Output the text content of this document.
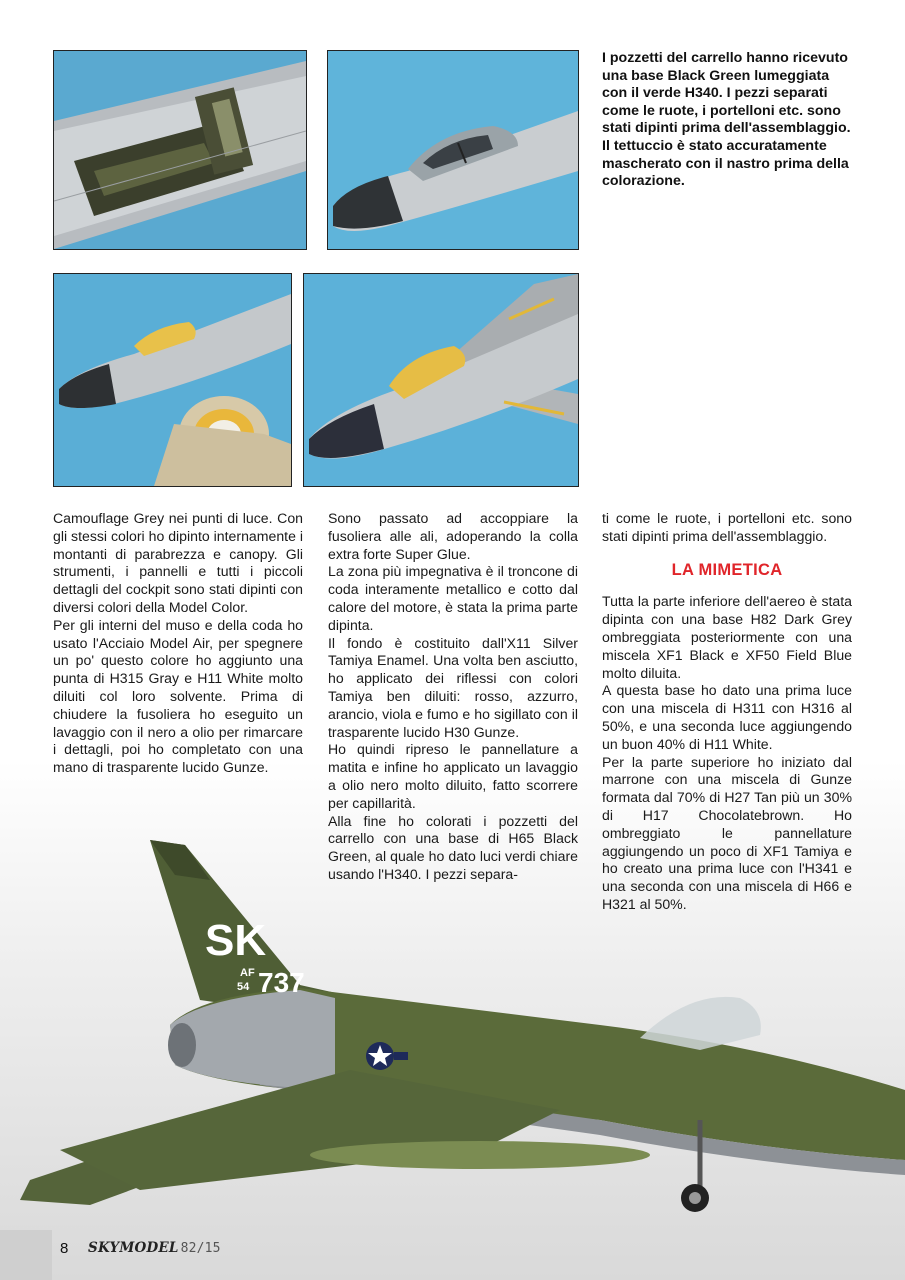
I pozzetti del carrello hanno ricevuto una base Black Green lumeggiata con il verde H340. I pezzi separati come le ruote, i portelloni etc. sono stati dipinti prima dell'assemblaggio.

Il tettuccio è stato accuratamente mascherato con il nastro prima della colorazione.

Camouflage Grey nei punti di luce. Con gli stessi colori ho dipinto internamente i montanti di parabrezza e canopy. Gli strumenti, i pannelli e tutti i piccoli dettagli del cockpit sono stati dipinti con diversi colori della Model Color.

Per gli interni del muso e della coda ho usato l'Acciaio Model Air, per spegnere un po' questo colore ho aggiunto una punta di H315 Gray e H11 White molto diluiti col loro solvente. Prima di chiudere la fusoliera ho eseguito un lavaggio con il nero a olio per rimarcare i dettagli, poi ho completato con una mano di trasparente lucido Gunze.

Sono passato ad accoppiare la fusoliera alle ali, adoperando la colla extra forte Super Glue.

La zona più impegnativa è il troncone di coda interamente metallico e cotto dal calore del motore, è stata la prima parte dipinta.

Il fondo è costituito dall'X11 Silver Tamiya Enamel. Una volta ben asciutto, ho applicato dei riflessi con colori Tamiya ben diluiti: rosso, azzurro, arancio, viola e fumo e ho sigillato con il trasparente lucido H30 Gunze.

Ho quindi ripreso le pannellature a matita e infine ho applicato un lavaggio a olio nero molto diluito, fatto scorrere per capillarità.

Alla fine ho colorati i pozzetti del carrello con una base di H65 Black Green, al quale ho dato luci verdi chiare usando l'H340. I pezzi separa-

ti come le ruote, i portelloni etc. sono stati dipinti prima dell'assemblaggio.

LA MIMETICA

Tutta la parte inferiore dell'aereo è stata dipinta con una base H82 Dark Grey ombreggiata posteriormente con una miscela XF1 Black e XF50 Field Blue molto diluita.

A questa base ho dato una prima luce con una miscela di H311 con H316 al 50%, e una seconda luce aggiungendo un buon 40% di H11 White.

Per la parte superiore ho iniziato dal marrone con una miscela di Gunze formata dal 70% di H27 Tan più un 30% di H17 Chocolatebrown. Ho ombreggiato le pannellature aggiungendo un poco di XF1 Tamiya e ho creato una prima luce con l'H341 e una seconda con una miscela di H66 e H321 al 50%.

SK
AF
54 737
8 SKYMODEL 82/15
